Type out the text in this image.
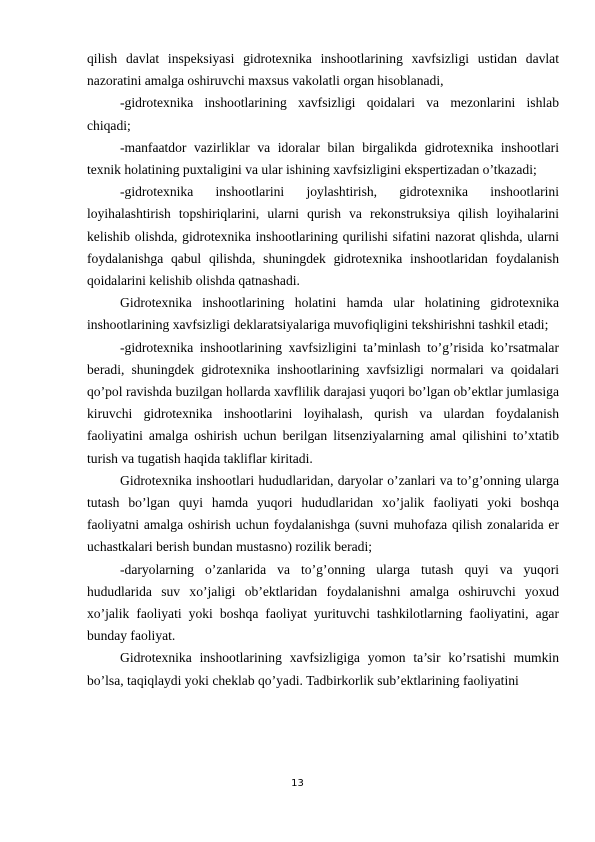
qilish davlat inspeksiyasi gidrotexnika inshootlarining xavfsizligi ustidan davlat nazoratini amalga oshiruvchi maxsus vakolatli organ hisoblanadi,

-gidrotexnika inshootlarining xavfsizligi qoidalari va mezonlarini ishlab chiqadi;

-manfaatdor vazirliklar va idoralar bilan birgalikda gidrotexnika inshootlari texnik holatining puxtaligini va ular ishining xavfsizligini ekspertizadan o’tkazadi;

-gidrotexnika inshootlarini joylashtirish, gidrotexnika inshootlarini loyihalashtirish topshiriqlarini, ularni qurish va rekonstruksiya qilish loyihalarini kelishib olishda, gidrotexnika inshootlarining qurilishi sifatini nazorat qlishda, ularni foydalanishga qabul qilishda, shuningdek gidrotexnika inshootlaridan foydalanish qoidalarini kelishib olishda qatnashadi.

Gidrotexnika inshootlarining holatini hamda ular holatining gidrotexnika inshootlarining xavfsizligi deklaratsiyalariga muvofiqligini tekshirishni tashkil etadi;

-gidrotexnika inshootlarining xavfsizligini ta’minlash to’g’risida ko’rsatmalar beradi, shuningdek gidrotexnika inshootlarining xavfsizligi normalari va qoidalari qo’pol ravishda buzilgan hollarda xavflilik darajasi yuqori bo’lgan ob’ektlar jumlasiga kiruvchi gidrotexnika inshootlarini loyihalash, qurish va ulardan foydalanish faoliyatini amalga oshirish uchun berilgan litsenziyalarning amal qilishini to’xtatib turish va tugatish haqida takliflar kiritadi.

Gidrotexnika inshootlari hududlaridan, daryolar o’zanlari va to’g’onning ularga tutash bo’lgan quyi hamda yuqori hududlaridan xo’jalik faoliyati yoki boshqa faoliyatni amalga oshirish uchun foydalanishga (suvni muhofaza qilish zonalarida er uchastkalari berish bundan mustasno) rozilik beradi;

-daryolarning o’zanlarida va to’g’onning ularga tutash quyi va yuqori hududlarida suv xo’jaligi ob’ektlaridan foydalanishni amalga oshiruvchi yoxud xo’jalik faoliyati yoki boshqa faoliyat yurituvchi tashkilotlarning faoliyatini, agar bunday faoliyat.

Gidrotexnika inshootlarining xavfsizligiga yomon ta’sir ko’rsatishi mumkin bo’lsa, taqiqlaydi yoki cheklab qo’yadi. Tadbirkorlik sub’ektlarining faoliyatini

13
